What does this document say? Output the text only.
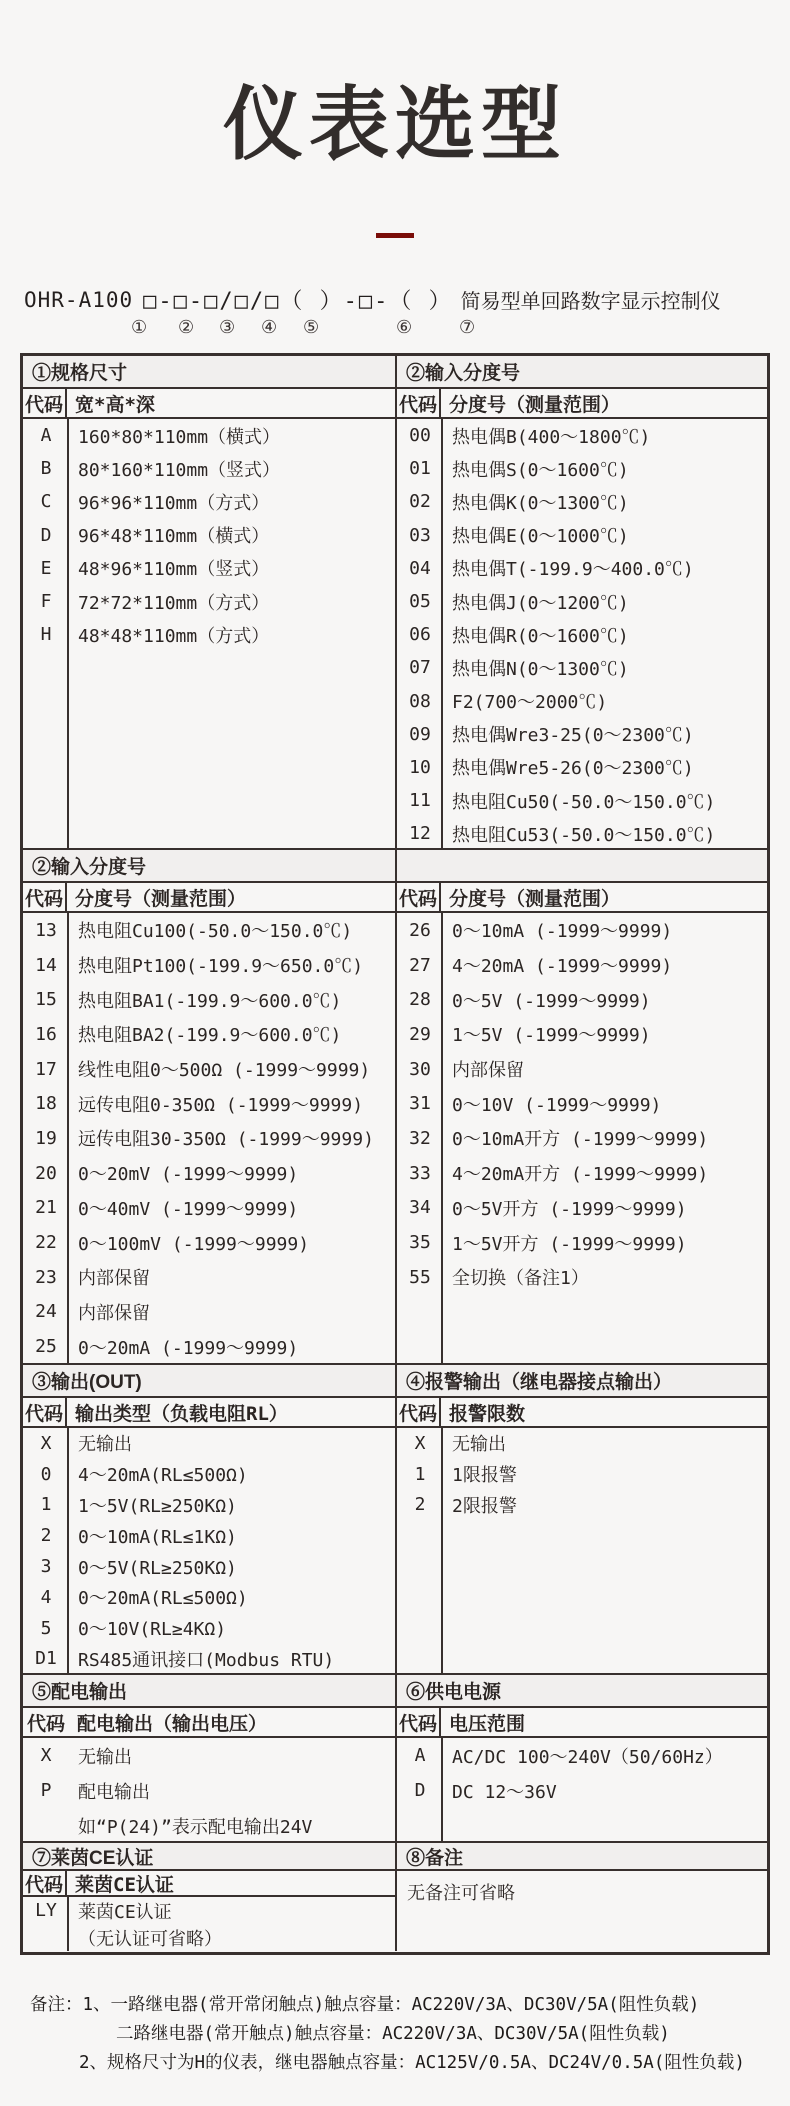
仪表选型
OHR-A100 □-□-□/□/□（ ）-□-（ ） 简易型单回路数字显示控制仪
① ② ③ ④ ⑤	⑥	⑦
①规格尺寸	②输入分度号
代码 宽*高*深
A	160*80*110mm（横式）
B	80*160*110mm（竖式）
C	96*96*110mm（方式）
D	96*48*110mm（横式）
E	48*96*110mm（竖式）
F	72*72*110mm（方式）
H	48*48*110mm（方式）
代码 分度号（测量范围）
00	热电偶B(400～1800℃)
01	热电偶S(0～1600℃)
02	热电偶K(0～1300℃)
03	热电偶E(0～1000℃)
04	热电偶T(-199.9～400.0℃)
05	热电偶J(0～1200℃)
06	热电偶R(0～1600℃)
07	热电偶N(0～1300℃)
08	F2(700～2000℃)
09	热电偶Wre3-25(0～2300℃)
10	热电偶Wre5-26(0～2300℃)
11	热电阻Cu50(-50.0～150.0℃)
12	热电阻Cu53(-50.0～150.0℃)
②输入分度号
代码 分度号（测量范围）
13	热电阻Cu100(-50.0～150.0℃)
14	热电阻Pt100(-199.9～650.0℃)
15	热电阻BA1(-199.9～600.0℃)
16	热电阻BA2(-199.9～600.0℃)
17	线性电阻0～500Ω (-1999～9999)
18	远传电阻0-350Ω (-1999～9999)
19	远传电阻30-350Ω (-1999～9999)
20	0～20mV (-1999～9999)
21	0～40mV (-1999～9999)
22	0～100mV (-1999～9999)
23	内部保留
24	内部保留
25	0～20mA (-1999～9999)
代码 分度号（测量范围）
26	0～10mA (-1999～9999)
27	4～20mA (-1999～9999)
28	0～5V (-1999～9999)
29	1～5V (-1999～9999)
30	内部保留
31	0～10V (-1999～9999)
32	0～10mA开方 (-1999～9999)
33	4～20mA开方 (-1999～9999)
34	0～5V开方 (-1999～9999)
35	1～5V开方 (-1999～9999)
55	全切换（备注1）
③输出(OUT)	④报警输出（继电器接点输出）
代码 输出类型（负载电阻RL）
X	无输出
0	4～20mA(RL≤500Ω)
1	1～5V(RL≥250KΩ)
2	0～10mA(RL≤1KΩ)
3	0～5V(RL≥250KΩ)
4	0～20mA(RL≤500Ω)
5	0～10V(RL≥4KΩ)
D1	RS485通讯接口(Modbus RTU)
代码 报警限数
X	无输出
1	1限报警
2	2限报警
⑤配电输出	⑥供电电源
代码 配电输出（输出电压）
X	无输出
P	配电输出
如“P(24)”表示配电输出24V
代码 电压范围
A	AC/DC 100～240V（50/60Hz）
D	DC 12～36V
⑦莱茵CE认证	⑧备注
代码 莱茵CE认证
LY	莱茵CE认证
（无认证可省略）
无备注可省略
备注：1、一路继电器(常开常闭触点)触点容量：AC220V/3A、DC30V/5A(阻性负载)
二路继电器(常开触点)触点容量：AC220V/3A、DC30V/5A(阻性负载)
2、规格尺寸为H的仪表，继电器触点容量：AC125V/0.5A、DC24V/0.5A(阻性负载)
